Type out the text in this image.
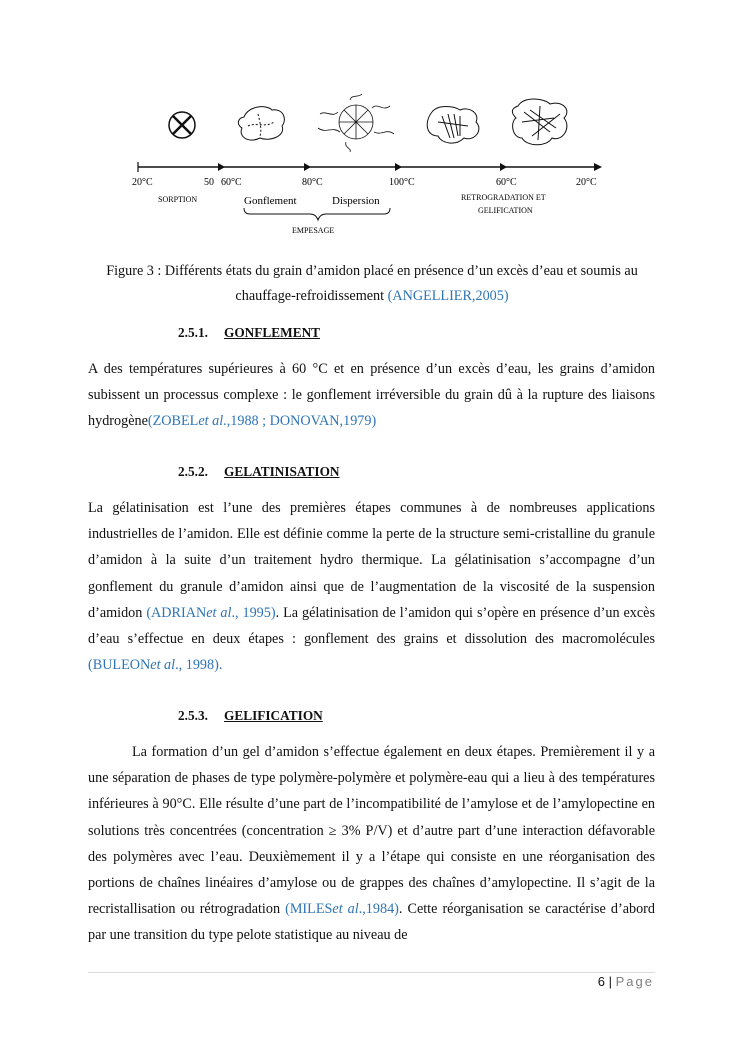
20°C	50 60°C	80°C	100°C	60°C	20°C
SORPTION	Gonflement	Dispersion	RETROGRADATION ET
GELIFICATION
EMPESAGE
Figure 3 : Différents états du grain d’amidon placé en présence d’un excès d’eau et soumis au chauffage-refroidissement (ANGELLIER,2005)
2.5.1. GONFLEMENT

A des températures supérieures à 60 °C et en présence d’un excès d’eau, les grains d’amidon subissent un processus complexe : le gonflement irréversible du grain dû à la rupture des liaisons hydrogène(ZOBELet al.,1988 ; DONOVAN,1979)

2.5.2. GELATINISATION

La gélatinisation est l’une des premières étapes communes à de nombreuses applications industrielles de l’amidon. Elle est définie comme la perte de la structure semi-cristalline du granule d’amidon à la suite d’un traitement hydro thermique. La gélatinisation s’accompagne d’un gonflement du granule d’amidon ainsi que de l’augmentation de la viscosité de la suspension d’amidon (ADRIANet al., 1995). La gélatinisation de l’amidon qui s’opère en présence d’un excès d’eau s’effectue en deux étapes : gonflement des grains et dissolution des macromolécules (BULEONet al., 1998).

2.5.3. GELIFICATION

La formation d’un gel d’amidon s’effectue également en deux étapes. Premièrement il y a une séparation de phases de type polymère-polymère et polymère-eau qui a lieu à des températures inférieures à 90°C. Elle résulte d’une part de l’incompatibilité de l’amylose et de l’amylopectine en solutions très concentrées (concentration ≥ 3% P/V) et d’autre part d’une interaction défavorable des polymères avec l’eau. Deuxièmement il y a l’étape qui consiste en une réorganisation des portions de chaînes linéaires d’amylose ou de grappes des chaînes d’amylopectine. Il s’agit de la recristallisation ou rétrogradation (MILESet al.,1984). Cette réorganisation se caractérise d’abord par une transition du type pelote statistique au niveau de

6 | Page
